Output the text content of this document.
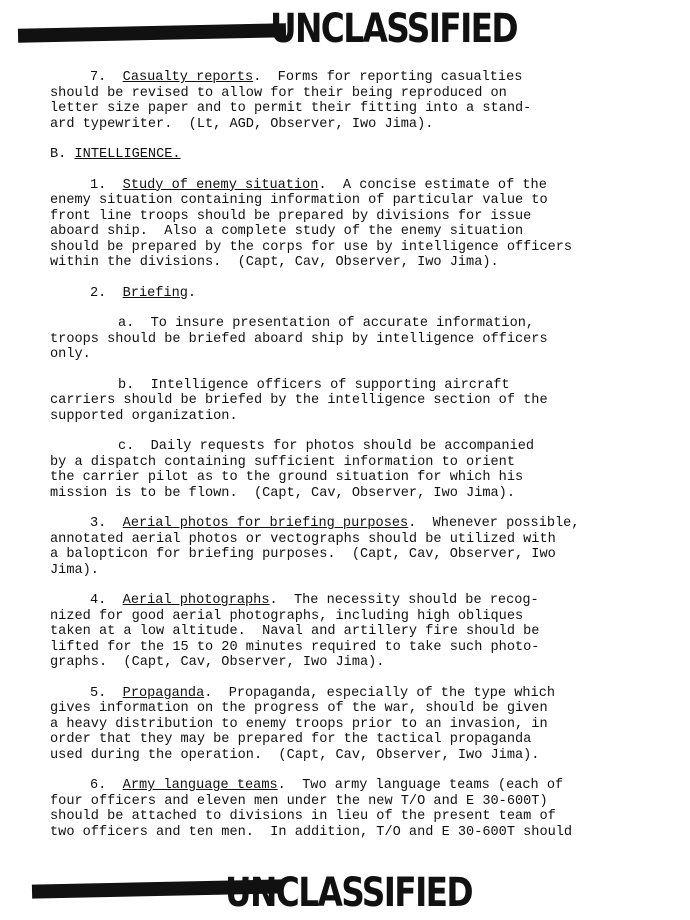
UNCLASSIFIED
7. Casualty reports.  Forms for reporting casualties
should be revised to allow for their being reproduced on
letter size paper and to permit their fitting into a stand-
ard typewriter.  (Lt, AGD, Observer, Iwo Jima).
B. INTELLIGENCE.
1. Study of enemy situation.  A concise estimate of the
enemy situation containing information of particular value to
front line troops should be prepared by divisions for issue
aboard ship.  Also a complete study of the enemy situation
should be prepared by the corps for use by intelligence officers
within the divisions.  (Capt, Cav, Observer, Iwo Jima).
2. Briefing.
a.  To insure presentation of accurate information,
troops should be briefed aboard ship by intelligence officers
only.
b.  Intelligence officers of supporting aircraft
carriers should be briefed by the intelligence section of the
supported organization.
c.  Daily requests for photos should be accompanied
by a dispatch containing sufficient information to orient
the carrier pilot as to the ground situation for which his
mission is to be flown.  (Capt, Cav, Observer, Iwo Jima).
3. Aerial photos for briefing purposes.  Whenever possible,
annotated aerial photos or vectographs should be utilized with
a balopticon for briefing purposes.  (Capt, Cav, Observer, Iwo
Jima).
4. Aerial photographs.  The necessity should be recog-
nized for good aerial photographs, including high obliques
taken at a low altitude.  Naval and artillery fire should be
lifted for the 15 to 20 minutes required to take such photo-
graphs.  (Capt, Cav, Observer, Iwo Jima).
5. Propaganda.  Propaganda, especially of the type which
gives information on the progress of the war, should be given
a heavy distribution to enemy troops prior to an invasion, in
order that they may be prepared for the tactical propaganda
used during the operation.  (Capt, Cav, Observer, Iwo Jima).
6. Army language teams.  Two army language teams (each of
four officers and eleven men under the new T/O and E 30-600T)
should be attached to divisions in lieu of the present team of
two officers and ten men.  In addition, T/O and E 30-600T should
UNCLASSIFIED
